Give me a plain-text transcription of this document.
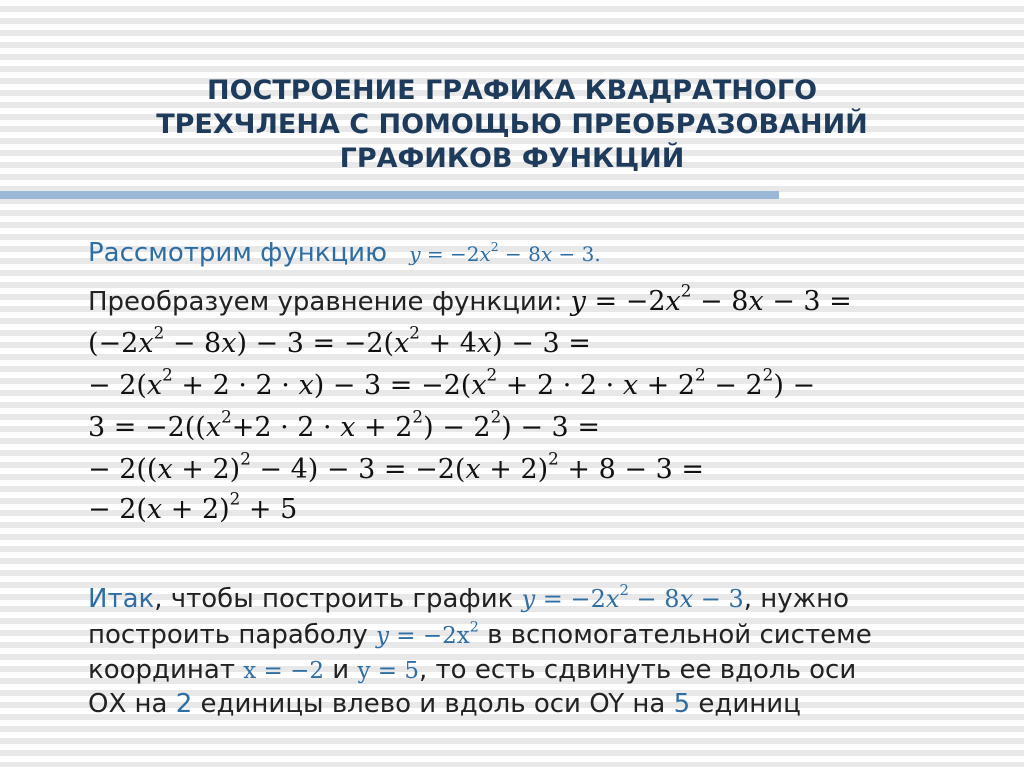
ПОСТРОЕНИЕ ГРАФИКА КВАДРАТНОГО
ТРЕХЧЛЕНА С ПОМОЩЬЮ ПРЕОБРАЗОВАНИЙ
ГРАФИКОВ ФУНКЦИЙ
Рассмотрим функцию $y = -2x^2 - 8x - 3$.
Преобразуем уравнение функции: $y = -2x^2 - 8x - 3$ =
$(-2x^2 - 8x) - 3 = -2(x^2 + 4x) - 3$ =
− $2(x^2 + 2 \cdot 2 \cdot x) - 3 = -2(x^2 + 2 \cdot 2 \cdot x + 2^2 - 2^2)$ −
$3 = -2((x^2+2 \cdot 2 \cdot x + 2^2) - 2^2) - 3$ =
− $2((x + 2)^2 - 4) - 3 = -2(x + 2)^2 + 8 - 3$ =
− $2(x + 2)^2 + 5$
Итак, чтобы построить график $y = -2x^2 - 8x - 3$, нужно
построить параболу $y = -2x^2$ в вспомогательной системе
координат x = −2 и y = 5, то есть сдвинуть ее вдоль оси
ОХ на 2 единицы влево и вдоль оси OY на 5 единиц
